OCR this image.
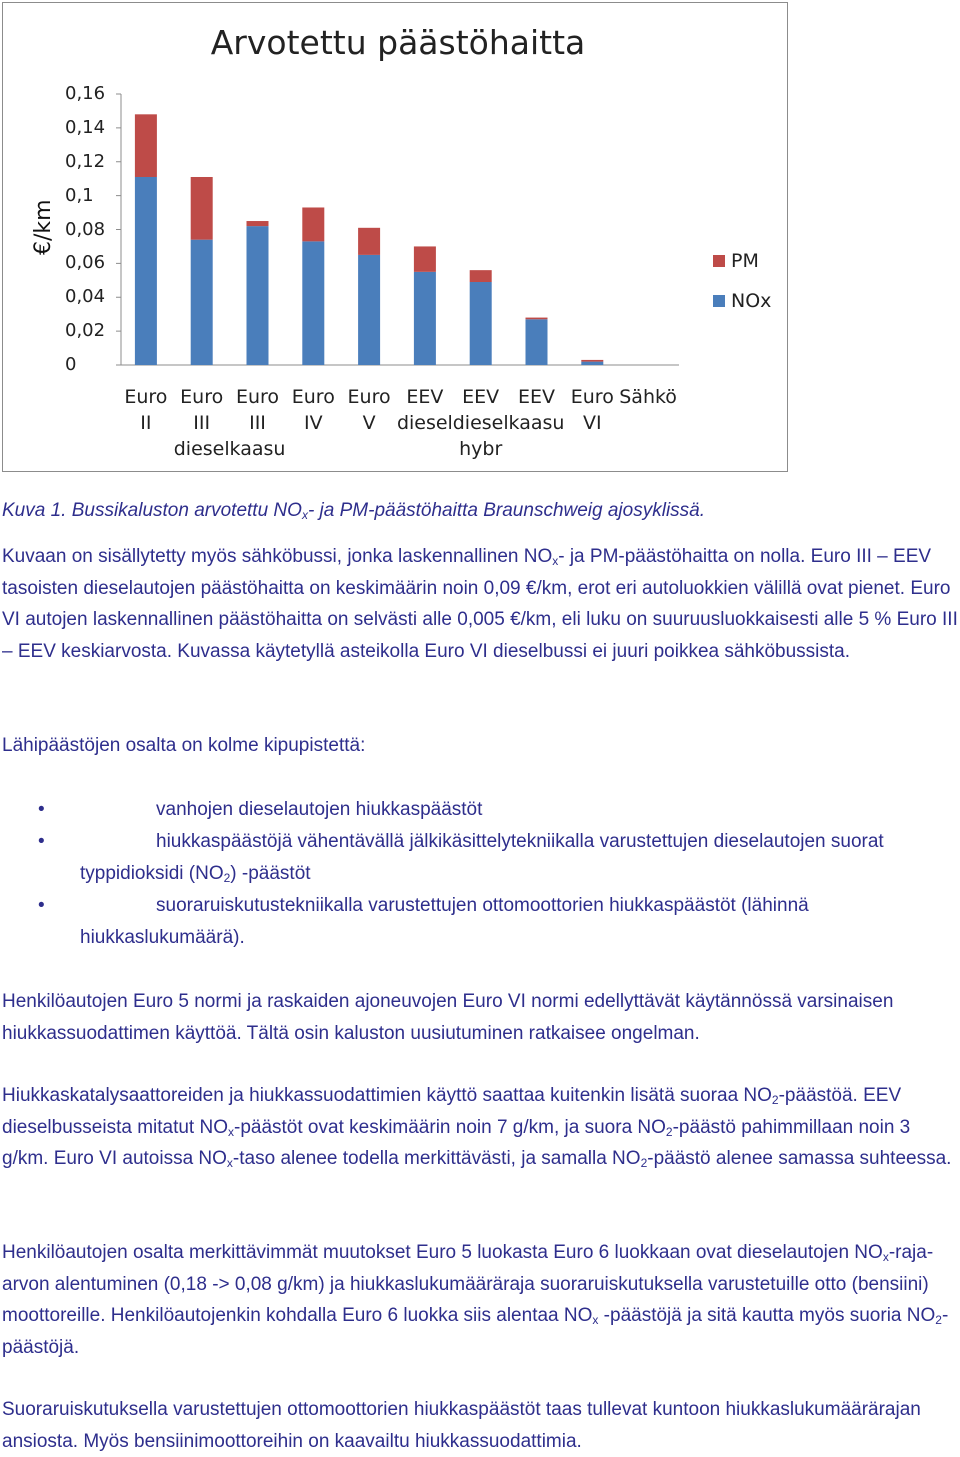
Arvotettu päästöhaitta
€/km
0,16
0,14
0,12
0,1
0,08
0,06
0,04
0,02
0
Euro
II
Euro
III
diesel
Euro
III
kaasu
Euro
IV
Euro
V
EEV
diesel
EEV
diesel
hybr
EEV
kaasu
Euro
VI
Sähkö
PM
NOx
Kuva 1. Bussikaluston arvotettu $NO_x-$ ja PM-päästöhaitta Braunschweig ajosyklissä.
Kuvaan on sisällytetty myös sähköbussi, jonka laskennallinen $NO_x-$ ja PM-päästöhaitta on nolla. Euro III – EEV tasoisten dieselautojen päästöhaitta on keskimäärin noin 0,09 €/km, erot eri autoluokkien välillä ovat pienet. Euro VI autojen laskennallinen päästöhaitta on selvästi alle 0,005 €/km, eli luku on suuruusluokkaisesti alle 5 % Euro III – EEV keskiarvosta. Kuvassa käytetyllä asteikolla Euro VI dieselbussi ei juuri poikkea sähköbussista.
Lähipäästöjen osalta on kolme kipupistettä:
•	vanhojen dieselautojen hiukkaspäästöt
•	hiukkaspäästöjä vähentävällä jälkikäsittelytekniikalla varustettujen dieselautojen suorat typpidioksidi $(NO_2)$ -päästöt
•	suoraruiskutustekniikalla varustettujen ottomoottorien hiukkaspäästöt (lähinnä hiukkaslukumäärä).
Henkilöautojen Euro 5 normi ja raskaiden ajoneuvojen Euro VI normi edellyttävät käytännössä varsinaisen hiukkassuodattimen käyttöä. Tältä osin kaluston uusiutuminen ratkaisee ongelman.
Hiukkaskatalysaattoreiden ja hiukkassuodattimien käyttö saattaa kuitenkin lisätä suoraa $NO_2$-päästöä. EEV dieselbusseista mitatut $NO_x$-päästöt ovat keskimäärin noin 7 g/km, ja suora $NO_2$-päästö pahimmillaan noin 3 g/km. Euro VI autoissa $NO_x$-taso alenee todella merkittävästi, ja samalla $NO_2$-päästö alenee samassa suhteessa.
Henkilöautojen osalta merkittävimmät muutokset Euro 5 luokasta Euro 6 luokkaan ovat dieselautojen $NO_x-raja$-arvon alentuminen (0,18 -> 0,08 g/km) ja hiukkaslukumääräraja suoraruiskutuksella varustetuille otto (bensiini) moottoreille. Henkilöautojenkin kohdalla Euro 6 luokka siis alentaa $NO_x$ -päästöjä ja sitä kautta myös suoria $NO_2$-päästöjä.
Suoraruiskutuksella varustettujen ottomoottorien hiukkaspäästöt taas tullevat kuntoon hiukkaslukumäärärajan ansiosta. Myös bensiinimoottoreihin on kaavailtu hiukkassuodattimia.
